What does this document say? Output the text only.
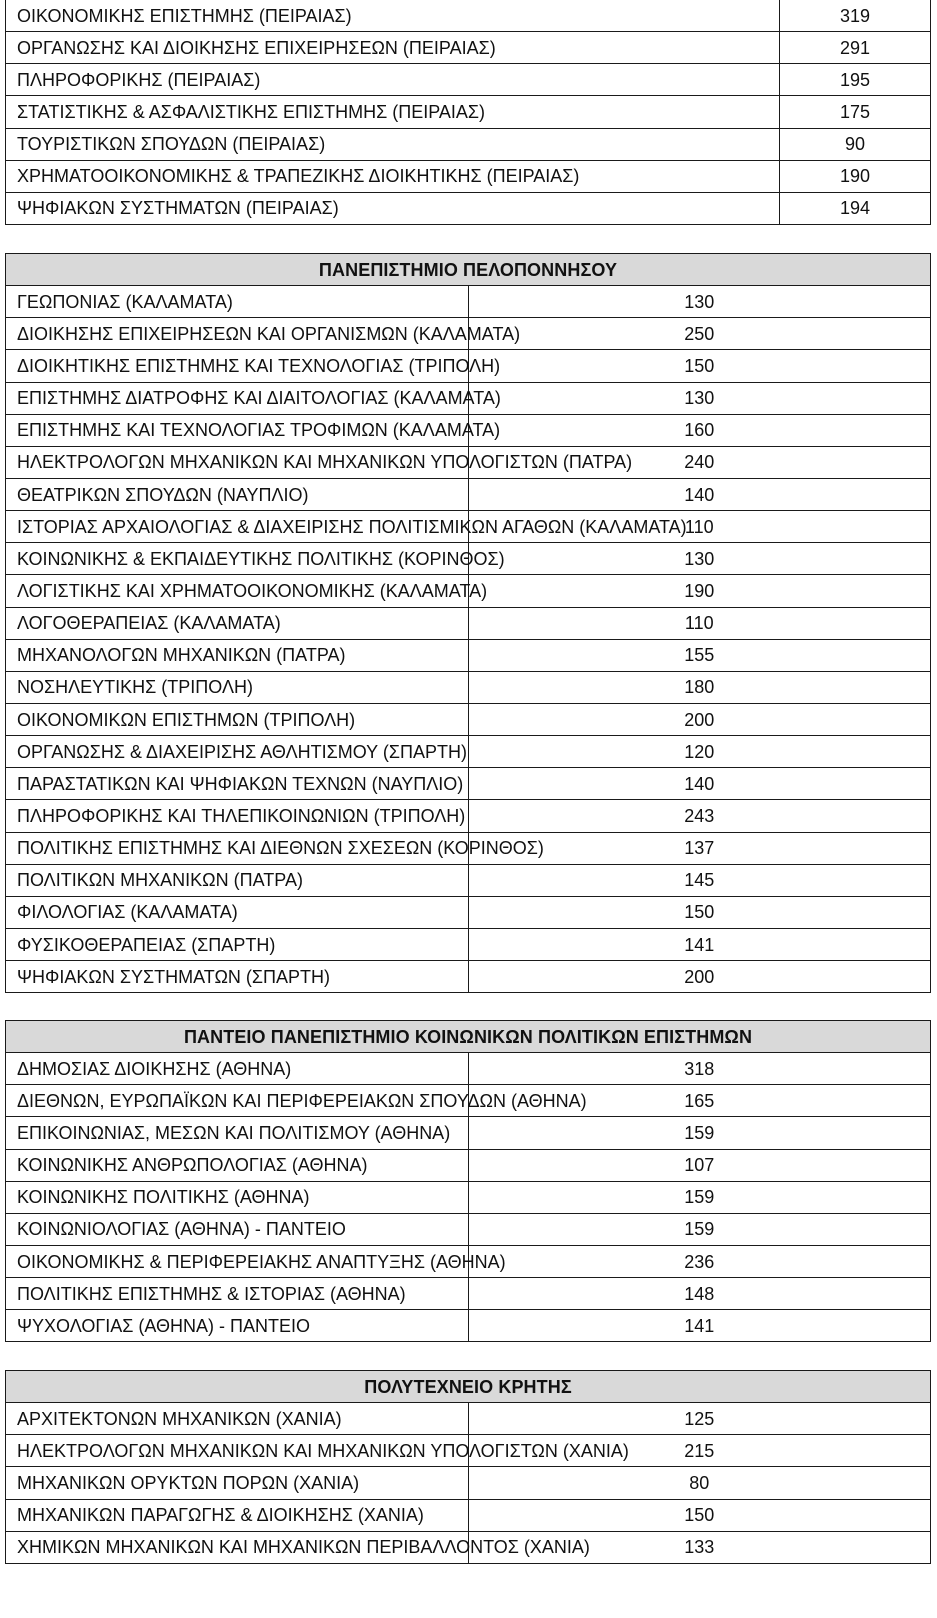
ΟΙΚΟΝΟΜΙΚΗΣ ΕΠΙΣΤΗΜΗΣ (ΠΕΙΡΑΙΑΣ)	319
ΟΡΓΑΝΩΣΗΣ ΚΑΙ ΔΙΟΙΚΗΣΗΣ ΕΠΙΧΕΙΡΗΣΕΩΝ (ΠΕΙΡΑΙΑΣ)	291
ΠΛΗΡΟΦΟΡΙΚΗΣ (ΠΕΙΡΑΙΑΣ)	195
ΣΤΑΤΙΣΤΙΚΗΣ & ΑΣΦΑΛΙΣΤΙΚΗΣ ΕΠΙΣΤΗΜΗΣ (ΠΕΙΡΑΙΑΣ)	175
ΤΟΥΡΙΣΤΙΚΩΝ ΣΠΟΥΔΩΝ (ΠΕΙΡΑΙΑΣ)	90
ΧΡΗΜΑΤΟΟΙΚΟΝΟΜΙΚΗΣ & ΤΡΑΠΕΖΙΚΗΣ ΔΙΟΙΚΗΤΙΚΗΣ (ΠΕΙΡΑΙΑΣ)	190
ΨΗΦΙΑΚΩΝ ΣΥΣΤΗΜΑΤΩΝ (ΠΕΙΡΑΙΑΣ)	194
ΠΑΝΕΠΙΣΤΗΜΙΟ ΠΕΛΟΠΟΝΝΗΣΟΥ	
ΓΕΩΠΟΝΙΑΣ (ΚΑΛΑΜΑΤΑ)	130
ΔΙΟΙΚΗΣΗΣ ΕΠΙΧΕΙΡΗΣΕΩΝ ΚΑΙ ΟΡΓΑΝΙΣΜΩΝ (ΚΑΛΑΜΑΤΑ)	250
ΔΙΟΙΚΗΤΙΚΗΣ ΕΠΙΣΤΗΜΗΣ ΚΑΙ ΤΕΧΝΟΛΟΓΙΑΣ (ΤΡΙΠΟΛΗ)	150
ΕΠΙΣΤΗΜΗΣ ΔΙΑΤΡΟΦΗΣ ΚΑΙ ΔΙΑΙΤΟΛΟΓΙΑΣ (ΚΑΛΑΜΑΤΑ)	130
ΕΠΙΣΤΗΜΗΣ ΚΑΙ ΤΕΧΝΟΛΟΓΙΑΣ ΤΡΟΦΙΜΩΝ (ΚΑΛΑΜΑΤΑ)	160
ΗΛΕΚΤΡΟΛΟΓΩΝ ΜΗΧΑΝΙΚΩΝ ΚΑΙ ΜΗΧΑΝΙΚΩΝ ΥΠΟΛΟΓΙΣΤΩΝ (ΠΑΤΡΑ)	240
ΘΕΑΤΡΙΚΩΝ ΣΠΟΥΔΩΝ (ΝΑΥΠΛΙΟ)	140
ΙΣΤΟΡΙΑΣ ΑΡΧΑΙΟΛΟΓΙΑΣ & ΔΙΑΧΕΙΡΙΣΗΣ ΠΟΛΙΤΙΣΜΙΚΩΝ ΑΓΑΘΩΝ (ΚΑΛΑΜΑΤΑ)	110
ΚΟΙΝΩΝΙΚΗΣ & ΕΚΠΑΙΔΕΥΤΙΚΗΣ ΠΟΛΙΤΙΚΗΣ (ΚΟΡΙΝΘΟΣ)	130
ΛΟΓΙΣΤΙΚΗΣ ΚΑΙ ΧΡΗΜΑΤΟΟΙΚΟΝΟΜΙΚΗΣ (ΚΑΛΑΜΑΤΑ)	190
ΛΟΓΟΘΕΡΑΠΕΙΑΣ (ΚΑΛΑΜΑΤΑ)	110
ΜΗΧΑΝΟΛΟΓΩΝ ΜΗΧΑΝΙΚΩΝ (ΠΑΤΡΑ)	155
ΝΟΣΗΛΕΥΤΙΚΗΣ (ΤΡΙΠΟΛΗ)	180
ΟΙΚΟΝΟΜΙΚΩΝ ΕΠΙΣΤΗΜΩΝ (ΤΡΙΠΟΛΗ)	200
ΟΡΓΑΝΩΣΗΣ & ΔΙΑΧΕΙΡΙΣΗΣ ΑΘΛΗΤΙΣΜΟΥ (ΣΠΑΡΤΗ)	120
ΠΑΡΑΣΤΑΤΙΚΩΝ ΚΑΙ ΨΗΦΙΑΚΩΝ ΤΕΧΝΩΝ (ΝΑΥΠΛΙΟ)	140
ΠΛΗΡΟΦΟΡΙΚΗΣ ΚΑΙ ΤΗΛΕΠΙΚΟΙΝΩΝΙΩΝ (ΤΡΙΠΟΛΗ)	243
ΠΟΛΙΤΙΚΗΣ ΕΠΙΣΤΗΜΗΣ ΚΑΙ ΔΙΕΘΝΩΝ ΣΧΕΣΕΩΝ (ΚΟΡΙΝΘΟΣ)	137
ΠΟΛΙΤΙΚΩΝ ΜΗΧΑΝΙΚΩΝ (ΠΑΤΡΑ)	145
ΦΙΛΟΛΟΓΙΑΣ (ΚΑΛΑΜΑΤΑ)	150
ΦΥΣΙΚΟΘΕΡΑΠΕΙΑΣ (ΣΠΑΡΤΗ)	141
ΨΗΦΙΑΚΩΝ ΣΥΣΤΗΜΑΤΩΝ (ΣΠΑΡΤΗ)	200
ΠΑΝΤΕΙΟ ΠΑΝΕΠΙΣΤΗΜΙΟ ΚΟΙΝΩΝΙΚΩΝ ΠΟΛΙΤΙΚΩΝ ΕΠΙΣΤΗΜΩΝ	
ΔΗΜΟΣΙΑΣ ΔΙΟΙΚΗΣΗΣ (ΑΘΗΝΑ)	318
ΔΙΕΘΝΩΝ, ΕΥΡΩΠΑΪΚΩΝ ΚΑΙ ΠΕΡΙΦΕΡΕΙΑΚΩΝ ΣΠΟΥΔΩΝ (ΑΘΗΝΑ)	165
ΕΠΙΚΟΙΝΩΝΙΑΣ, ΜΕΣΩΝ ΚΑΙ ΠΟΛΙΤΙΣΜΟΥ (ΑΘΗΝΑ)	159
ΚΟΙΝΩΝΙΚΗΣ ΑΝΘΡΩΠΟΛΟΓΙΑΣ (ΑΘΗΝΑ)	107
ΚΟΙΝΩΝΙΚΗΣ ΠΟΛΙΤΙΚΗΣ (ΑΘΗΝΑ)	159
ΚΟΙΝΩΝΙΟΛΟΓΙΑΣ (ΑΘΗΝΑ) - ΠΑΝΤΕΙΟ	159
ΟΙΚΟΝΟΜΙΚΗΣ & ΠΕΡΙΦΕΡΕΙΑΚΗΣ ΑΝΑΠΤΥΞΗΣ (ΑΘΗΝΑ)	236
ΠΟΛΙΤΙΚΗΣ ΕΠΙΣΤΗΜΗΣ & ΙΣΤΟΡΙΑΣ (ΑΘΗΝΑ)	148
ΨΥΧΟΛΟΓΙΑΣ (ΑΘΗΝΑ) - ΠΑΝΤΕΙΟ	141
ΠΟΛΥΤΕΧΝΕΙΟ ΚΡΗΤΗΣ	
ΑΡΧΙΤΕΚΤΟΝΩΝ ΜΗΧΑΝΙΚΩΝ (ΧΑΝΙΑ)	125
ΗΛΕΚΤΡΟΛΟΓΩΝ ΜΗΧΑΝΙΚΩΝ ΚΑΙ ΜΗΧΑΝΙΚΩΝ ΥΠΟΛΟΓΙΣΤΩΝ (ΧΑΝΙΑ)	215
ΜΗΧΑΝΙΚΩΝ ΟΡΥΚΤΩΝ ΠΟΡΩΝ (ΧΑΝΙΑ)	80
ΜΗΧΑΝΙΚΩΝ ΠΑΡΑΓΩΓΗΣ & ΔΙΟΙΚΗΣΗΣ (ΧΑΝΙΑ)	150
ΧΗΜΙΚΩΝ ΜΗΧΑΝΙΚΩΝ ΚΑΙ ΜΗΧΑΝΙΚΩΝ ΠΕΡΙΒΑΛΛΟΝΤΟΣ (ΧΑΝΙΑ)	133
